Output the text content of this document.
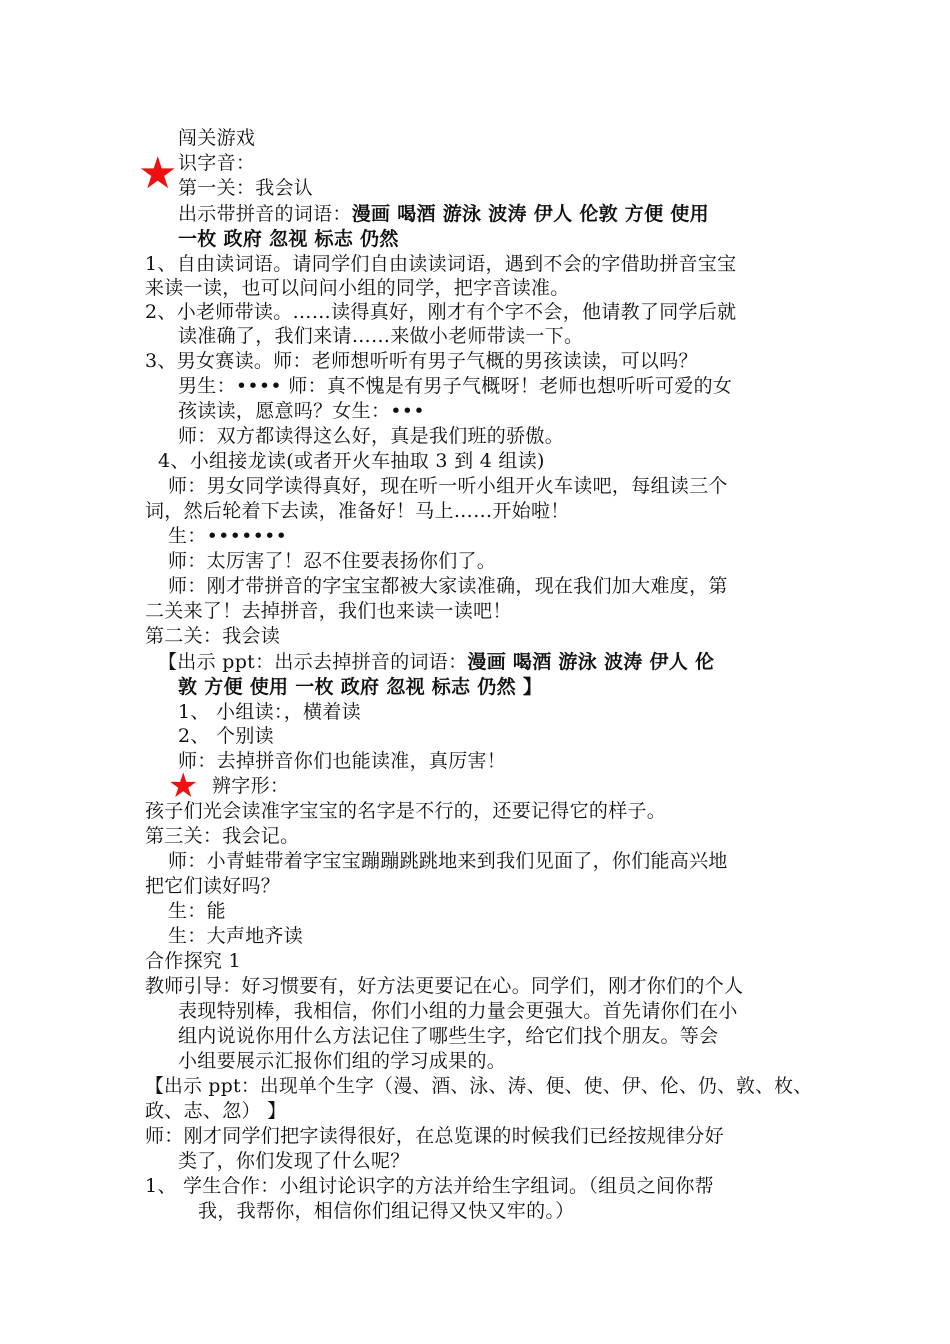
★
★
闯关游戏
识字音：
第一关：我会认
出示带拼音的词语：漫画 喝酒 游泳 波涛 伊人 伦敦 方便 使用
一枚 政府 忽视 标志 仍然
1、自由读词语。请同学们自由读读词语，遇到不会的字借助拼音宝宝
来读一读，也可以问问小组的同学，把字音读准。
2、小老师带读。……读得真好，刚才有个字不会，他请教了同学后就
读准确了，我们来请……来做小老师带读一下。
3、男女赛读。师：老师想听听有男子气概的男孩读读，可以吗？
男生：•••• 师：真不愧是有男子气概呀！老师也想听听可爱的女
孩读读，愿意吗？女生：•••
师：双方都读得这么好，真是我们班的骄傲。
4、小组接龙读(或者开火车抽取 3 到 4 组读)
师：男女同学读得真好，现在听一听小组开火车读吧，每组读三个
词，然后轮着下去读，准备好！马上……开始啦！
生：•••••••
师：太厉害了！忍不住要表扬你们了。
师：刚才带拼音的字宝宝都被大家读准确，现在我们加大难度，第
二关来了！去掉拼音，我们也来读一读吧！
第二关：我会读
【出示 ppt：出示去掉拼音的词语：漫画 喝酒 游泳 波涛 伊人 伦
敦 方便 使用 一枚 政府 忽视 标志 仍然 】
1、 小组读：，横着读
2、 个别读
师：去掉拼音你们也能读准，真厉害！
辨字形：
孩子们光会读准字宝宝的名字是不行的，还要记得它的样子。
第三关：我会记。
师：小青蛙带着字宝宝蹦蹦跳跳地来到我们见面了，你们能高兴地
把它们读好吗？
生：能
生：大声地齐读
合作探究 1
教师引导：好习惯要有，好方法更要记在心。同学们，刚才你们的个人
表现特别棒，我相信，你们小组的力量会更强大。首先请你们在小
组内说说你用什么方法记住了哪些生字，给它们找个朋友。等会
小组要展示汇报你们组的学习成果的。
【出示 ppt：出现单个生字（漫、酒、泳、涛、便、使、伊、伦、仍、敦、枚、
政、志、忽） 】
师：刚才同学们把字读得很好，在总览课的时候我们已经按规律分好
类了，你们发现了什么呢？
1、 学生合作：小组讨论识字的方法并给生字组词。（组员之间你帮
我，我帮你，相信你们组记得又快又牢的。）
